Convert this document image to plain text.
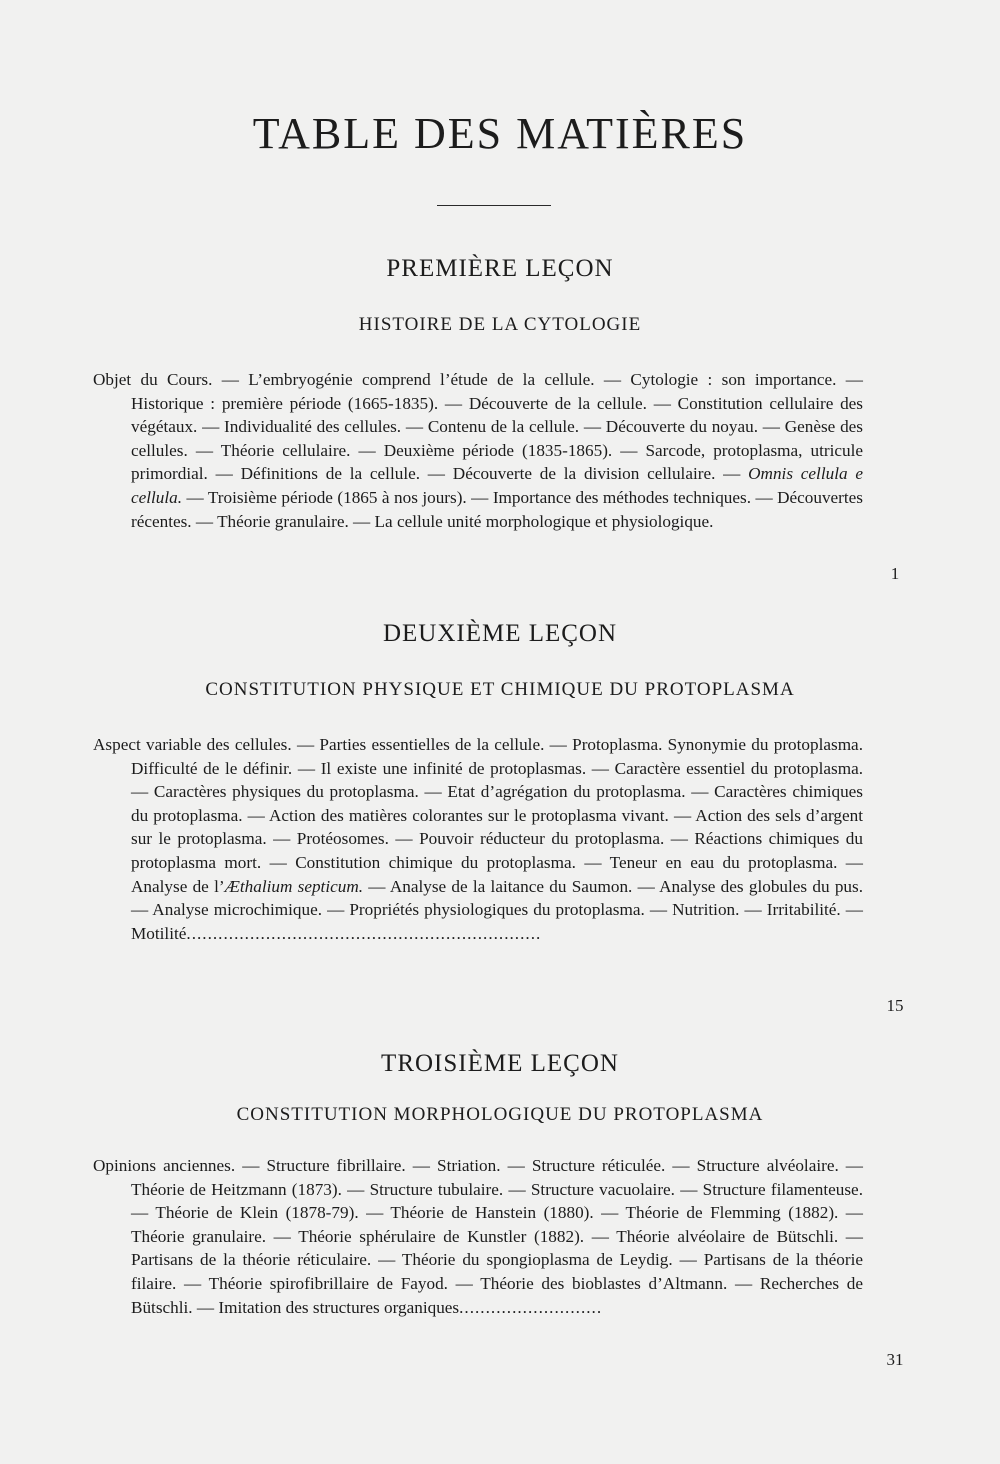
TABLE DES MATIÈRES
PREMIÈRE LEÇON
HISTOIRE DE LA CYTOLOGIE
Objet du Cours. — L’embryogénie comprend l’étude de la cellule. — Cytologie : son importance. — Historique : première période (1665-1835). — Découverte de la cellule. — Constitution cellulaire des végétaux. — Individualité des cellules. — Contenu de la cellule. — Découverte du noyau. — Genèse des cellules. — Théorie cellulaire. — Deuxième période (1835-1865). — Sarcode, protoplasma, utricule primordial. — Définitions de la cellule. — Découverte de la division cellulaire. — Omnis cellula e cellula. — Troisième période (1865 à nos jours). — Importance des méthodes techniques. — Découvertes récentes. — Théorie granulaire. — La cellule unité morphologique et physiologique.
1
DEUXIÈME LEÇON
CONSTITUTION PHYSIQUE ET CHIMIQUE DU PROTOPLASMA
Aspect variable des cellules. — Parties essentielles de la cellule. — Protoplasma. Synonymie du protoplasma. Difficulté de le définir. — Il existe une infinité de protoplasmas. — Caractère essentiel du protoplasma. — Caractères physiques du protoplasma. — Etat d’agrégation du protoplasma. — Caractères chimiques du protoplasma. — Action des matières colorantes sur le protoplasma vivant. — Action des sels d’argent sur le protoplasma. — Protéosomes. — Pouvoir réducteur du protoplasma. — Réactions chimiques du protoplasma mort. — Constitution chimique du protoplasma. — Teneur en eau du protoplasma. — Analyse de l’Æthalium septicum. — Analyse de la laitance du Saumon. — Analyse des globules du pus. — Analyse microchimique. — Propriétés physiologiques du protoplasma. — Nutrition. — Irritabilité. — Motilité...................................................................
15
TROISIÈME LEÇON
CONSTITUTION MORPHOLOGIQUE DU PROTOPLASMA
Opinions anciennes. — Structure fibrillaire. — Striation. — Structure réticulée. — Structure alvéolaire. — Théorie de Heitzmann (1873). — Structure tubulaire. — Structure vacuolaire. — Structure filamenteuse. — Théorie de Klein (1878-79). — Théorie de Hanstein (1880). — Théorie de Flemming (1882). — Théorie granulaire. — Théorie sphérulaire de Kunstler (1882). — Théorie alvéolaire de Bütschli. — Partisans de la théorie réticulaire. — Théorie du spongioplasma de Leydig. — Partisans de la théorie filaire. — Théorie spirofibrillaire de Fayod. — Théorie des bioblastes d’Altmann. — Recherches de Bütschli. — Imitation des structures organiques...........................
31
